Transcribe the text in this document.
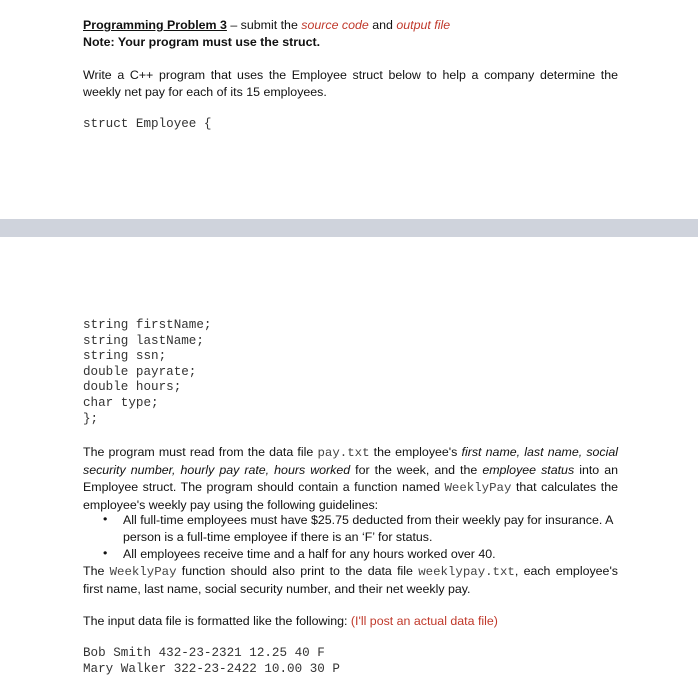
Programming Problem 3 – submit the source code and output file
Note: Your program must use the struct.
Write a C++ program that uses the Employee struct below to help a company determine the weekly net pay for each of its 15 employees.
struct Employee {
string firstName;
string lastName;
string ssn;
double payrate;
double hours;
char type;
};
The program must read from the data file pay.txt the employee's first name, last name, social security number, hourly pay rate, hours worked for the week, and the employee status into an Employee struct. The program should contain a function named WeeklyPay that calculates the employee's weekly pay using the following guidelines:
• All full-time employees must have $25.75 deducted from their weekly pay for insurance. A person is a full-time employee if there is an ‘F’ for status.
• All employees receive time and a half for any hours worked over 40.
The WeeklyPay function should also print to the data file weeklypay.txt, each employee's first name, last name, social security number, and their net weekly pay.
The input data file is formatted like the following: (I'll post an actual data file)
Bob Smith 432-23-2321 12.25 40 F
Mary Walker 322-23-2422 10.00 30 P
